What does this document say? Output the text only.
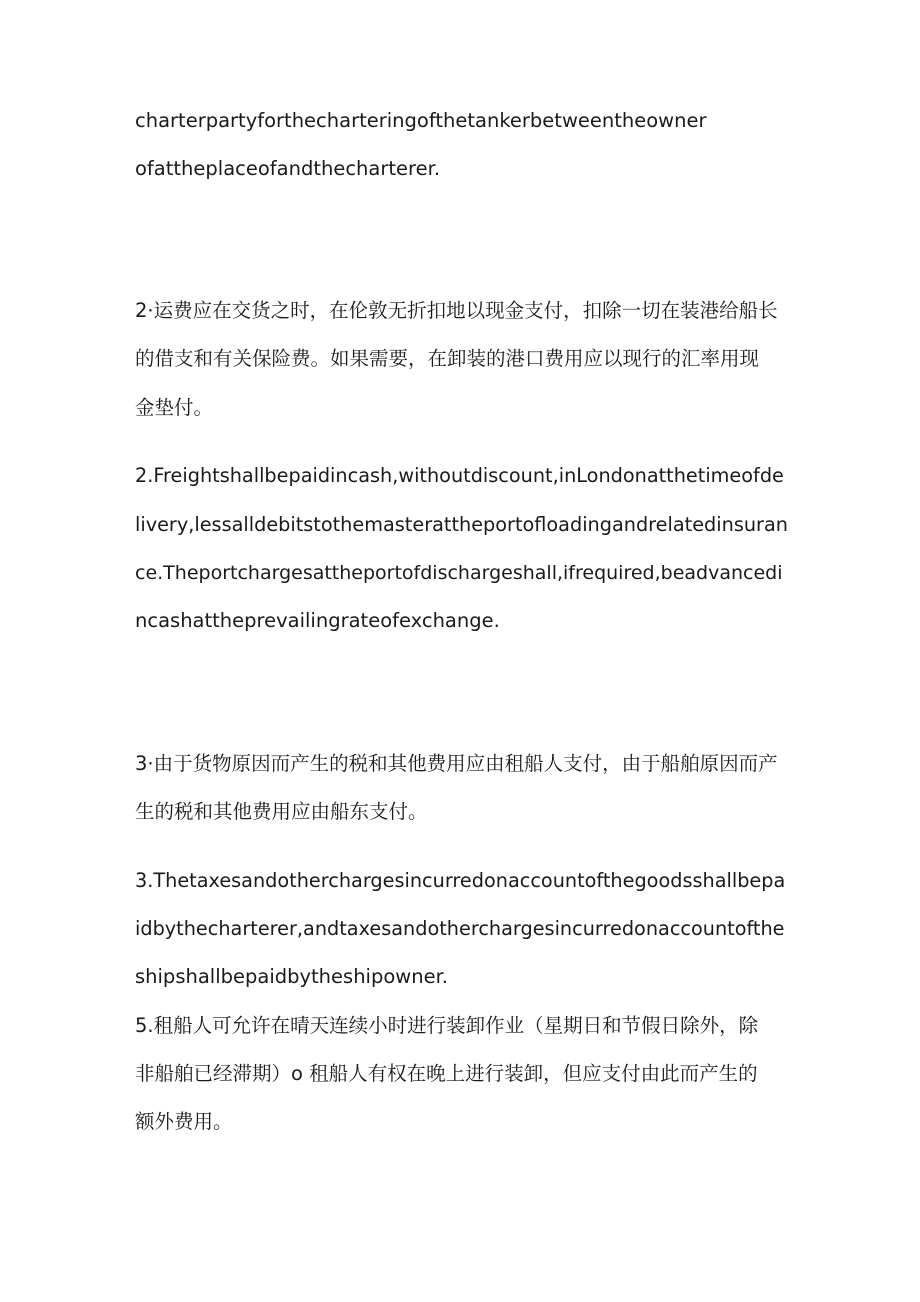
charterpartyforthecharteringofthetankerbetweentheowner

ofattheplaceofandthecharterer.

2·运费应在交货之时，在伦敦无折扣地以现金支付，扣除一切在装港给船长

的借支和有关保险费。如果需要，在卸装的港口费用应以现行的汇率用现

金垫付。

2.Freightshallbepaidincash,withoutdiscount,inLondonatthetimeofde

livery,lessalldebitstothemasterattheportofloadingandrelatedinsuran

ce.Theportchargesattheportofdischargeshall,ifrequired,beadvancedi

ncashattheprevailingrateofexchange.

3·由于货物原因而产生的税和其他费用应由租船人支付，由于船舶原因而产

生的税和其他费用应由船东支付。

3.Thetaxesandotherchargesincurredonaccountofthegoodsshallbepa

idbythecharterer,andtaxesandotherchargesincurredonaccountofthe

shipshallbepaidbytheshipowner.

5.租船人可允许在晴天连续小时进行装卸作业（星期日和节假日除外，除

非船舶已经滞期）o 租船人有权在晚上进行装卸，但应支付由此而产生的

额外费用。
